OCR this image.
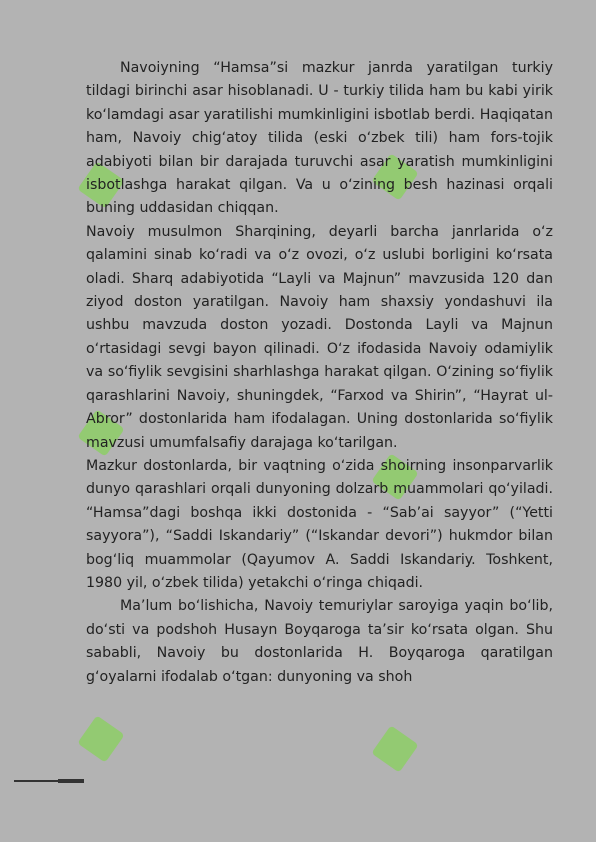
Navoiyning “Hamsa”si mazkur janrda yaratilgan turkiy tildagi birinchi asar hisoblanadi. U - turkiy tilida ham bu kabi yirik ko‘lamdagi asar yaratilishi mumkinligini isbotlab berdi. Haqiqatan ham, Navoiy chig‘atoy tilida (eski o‘zbek tili) ham fors-tojik adabiyoti bilan bir darajada turuvchi asar yaratish mumkinligini isbotlashga harakat qilgan. Va u o‘zining besh hazinasi orqali buning uddasidan chiqqan.

Navoiy musulmon Sharqining, deyarli barcha janrlarida o‘z qalamini sinab ko‘radi va o‘z ovozi, o‘z uslubi borligini ko‘rsata oladi. Sharq adabiyotida “Layli va Majnun” mavzusida 120 dan ziyod doston yaratilgan. Navoiy ham shaxsiy yondashuvi ila ushbu mavzuda doston yozadi. Dostonda Layli va Majnun o‘rtasidagi sevgi bayon qilinadi. O‘z ifodasida Navoiy odamiylik va so‘fiylik sevgisini sharhlashga harakat qilgan. O‘zining so‘fiylik qarashlarini Navoiy, shuningdek, “Farxod va Shirin”, “Hayrat ul-Abror” dostonlarida ham ifodalagan. Uning dostonlarida so‘fiylik mavzusi umumfalsafiy darajaga ko‘tarilgan.

Mazkur dostonlarda, bir vaqtning o‘zida shoirning insonparvarlik dunyo qarashlari orqali dunyoning dolzarb muammolari qo‘yiladi. “Hamsa”dagi boshqa ikki dostonida - “Sab’ai sayyor” (“Yetti sayyora”), “Saddi Iskandariy” (“Iskandar devori”) hukmdor bilan bog‘liq muammolar (Qayumov A. Saddi Iskandariy. Toshkent, 1980 yil, o‘zbek tilida) yetakchi o‘ringa chiqadi.

Ma’lum bo‘lishicha, Navoiy temuriylar saroyiga yaqin bo‘lib, do‘sti va podshoh Husayn Boyqaroga ta’sir ko‘rsata olgan. Shu sababli, Navoiy bu dostonlarida H. Boyqaroga qaratilgan g‘oyalarni ifodalab o‘tgan: dunyoning va shoh
